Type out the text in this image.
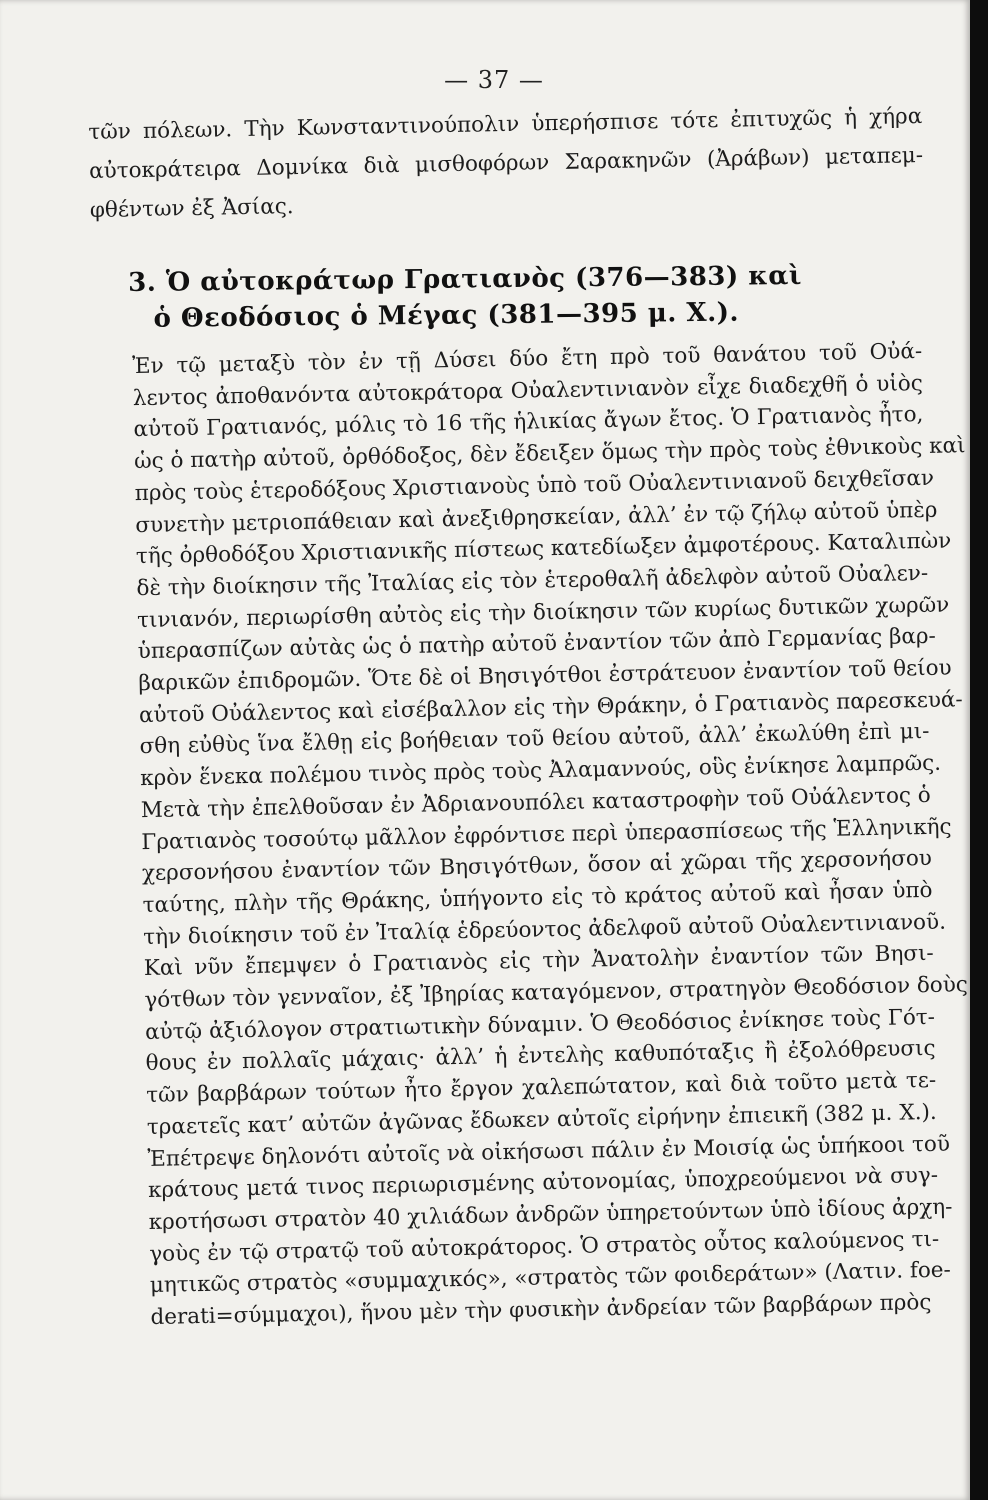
— 37 —
τῶν πόλεων. Τὴν Κωνσταντινούπολιν ὑπερήσπισε τότε ἐπιτυχῶς ἡ χήρα
αὐτοκράτειρα Δομνίκα διὰ μισθοφόρων Σαρακηνῶν (Ἀράβων) μεταπεμ-
φθέντων ἐξ Ἀσίας.
3. Ὁ αὐτοκράτωρ Γρατιανὸς (376—383) καὶ
ὁ Θεοδόσιος ὁ Μέγας (381—395 μ. Χ.).
Ἐν τῷ μεταξὺ τὸν ἐν τῇ Δύσει δύο ἔτη πρὸ τοῦ θανάτου τοῦ Οὐά-
λεντος ἀποθανόντα αὐτοκράτορα Οὐαλεντινιανὸν εἶχε διαδεχθῆ ὁ υἱὸς
αὐτοῦ Γρατιανός, μόλις τὸ 16 τῆς ἡλικίας ἄγων ἔτος. Ὁ Γρατιανὸς ἦτο,
ὡς ὁ πατὴρ αὐτοῦ, ὀρθόδοξος, δὲν ἔδειξεν ὅμως τὴν πρὸς τοὺς ἐθνικοὺς καὶ
πρὸς τοὺς ἑτεροδόξους Χριστιανοὺς ὑπὸ τοῦ Οὐαλεντινιανοῦ δειχθεῖσαν
συνετὴν μετριοπάθειαν καὶ ἀνεξιθρησκείαν, ἀλλ’ ἐν τῷ ζήλῳ αὐτοῦ ὑπὲρ
τῆς ὀρθοδόξου Χριστιανικῆς πίστεως κατεδίωξεν ἀμφοτέρους. Καταλιπὼν
δὲ τὴν διοίκησιν τῆς Ἰταλίας εἰς τὸν ἑτεροθαλῆ ἀδελφὸν αὐτοῦ Οὐαλεν-
τινιανόν, περιωρίσθη αὐτὸς εἰς τὴν διοίκησιν τῶν κυρίως δυτικῶν χωρῶν
ὑπερασπίζων αὐτὰς ὡς ὁ πατὴρ αὐτοῦ ἐναντίον τῶν ἀπὸ Γερμανίας βαρ-
βαρικῶν ἐπιδρομῶν. Ὅτε δὲ οἱ Βησιγότθοι ἐστράτευον ἐναντίον τοῦ θείου
αὐτοῦ Οὐάλεντος καὶ εἰσέβαλλον εἰς τὴν Θράκην, ὁ Γρατιανὸς παρεσκευά-
σθη εὐθὺς ἵνα ἔλθῃ εἰς βοήθειαν τοῦ θείου αὐτοῦ, ἀλλ’ ἐκωλύθη ἐπὶ μι-
κρὸν ἕνεκα πολέμου τινὸς πρὸς τοὺς Ἀλαμαννούς, οὓς ἐνίκησε λαμπρῶς.
Μετὰ τὴν ἐπελθοῦσαν ἐν Ἀδριανουπόλει καταστροφὴν τοῦ Οὐάλεντος ὁ
Γρατιανὸς τοσούτῳ μᾶλλον ἐφρόντισε περὶ ὑπερασπίσεως τῆς Ἑλληνικῆς
χερσονήσου ἐναντίον τῶν Βησιγότθων, ὅσον αἱ χῶραι τῆς χερσονήσου
ταύτης, πλὴν τῆς Θράκης, ὑπήγοντο εἰς τὸ κράτος αὐτοῦ καὶ ἦσαν ὑπὸ
τὴν διοίκησιν τοῦ ἐν Ἰταλίᾳ ἑδρεύοντος ἀδελφοῦ αὐτοῦ Οὐαλεντινιανοῦ.
Καὶ νῦν ἔπεμψεν ὁ Γρατιανὸς εἰς τὴν Ἀνατολὴν ἐναντίον τῶν Βησι-
γότθων τὸν γενναῖον, ἐξ Ἰβηρίας καταγόμενον, στρατηγὸν Θεοδόσιον δοὺς
αὐτῷ ἀξιόλογον στρατιωτικὴν δύναμιν. Ὁ Θεοδόσιος ἐνίκησε τοὺς Γότ-
θους ἐν πολλαῖς μάχαις· ἀλλ’ ἡ ἐντελὴς καθυπόταξις ἢ ἐξολόθρευσις
τῶν βαρβάρων τούτων ἦτο ἔργον χαλεπώτατον, καὶ διὰ τοῦτο μετὰ τε-
τραετεῖς κατ’ αὐτῶν ἀγῶνας ἔδωκεν αὐτοῖς εἰρήνην ἐπιεικῆ (382 μ. Χ.).
Ἐπέτρεψε δηλονότι αὐτοῖς νὰ οἰκήσωσι πάλιν ἐν Μοισίᾳ ὡς ὑπήκοοι τοῦ
κράτους μετά τινος περιωρισμένης αὐτονομίας, ὑποχρεούμενοι νὰ συγ-
κροτήσωσι στρατὸν 40 χιλιάδων ἀνδρῶν ὑπηρετούντων ὑπὸ ἰδίους ἀρχη-
γοὺς ἐν τῷ στρατῷ τοῦ αὐτοκράτορος. Ὁ στρατὸς οὗτος καλούμενος τι-
μητικῶς στρατὸς «συμμαχικός», «στρατὸς τῶν φοιδεράτων» (Λατιν. foe-
derati=σύμμαχοι), ἥνου μὲν τὴν φυσικὴν ἀνδρείαν τῶν βαρβάρων πρὸς
